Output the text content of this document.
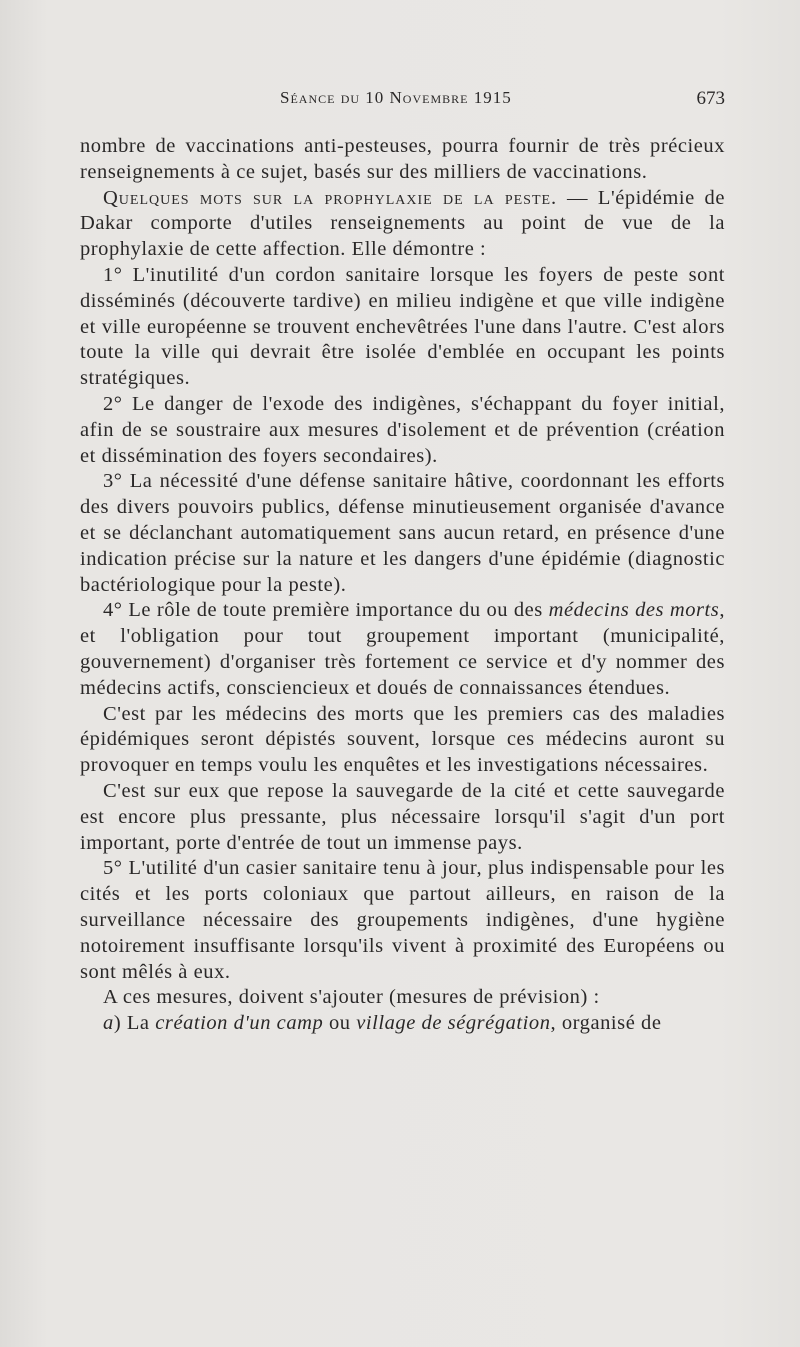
Séance du 10 Novembre 1915	673

nombre de vaccinations anti-pesteuses, pourra fournir de très précieux renseignements à ce sujet, basés sur des milliers de vaccinations.

Quelques mots sur la prophylaxie de la peste. — L'épidémie de Dakar comporte d'utiles renseignements au point de vue de la prophylaxie de cette affection. Elle démontre :

1° L'inutilité d'un cordon sanitaire lorsque les foyers de peste sont disséminés (découverte tardive) en milieu indigène et que ville indigène et ville européenne se trouvent enchevêtrées l'une dans l'autre. C'est alors toute la ville qui devrait être isolée d'emblée en occupant les points stratégiques.

2° Le danger de l'exode des indigènes, s'échappant du foyer initial, afin de se soustraire aux mesures d'isolement et de prévention (création et dissémination des foyers secondaires).

3° La nécessité d'une défense sanitaire hâtive, coordonnant les efforts des divers pouvoirs publics, défense minutieusement organisée d'avance et se déclanchant automatiquement sans aucun retard, en présence d'une indication précise sur la nature et les dangers d'une épidémie (diagnostic bactériologique pour la peste).

4° Le rôle de toute première importance du ou des médecins des morts, et l'obligation pour tout groupement important (municipalité, gouvernement) d'organiser très fortement ce service et d'y nommer des médecins actifs, consciencieux et doués de connaissances étendues.

C'est par les médecins des morts que les premiers cas des maladies épidémiques seront dépistés souvent, lorsque ces médecins auront su provoquer en temps voulu les enquêtes et les investigations nécessaires.

C'est sur eux que repose la sauvegarde de la cité et cette sauvegarde est encore plus pressante, plus nécessaire lorsqu'il s'agit d'un port important, porte d'entrée de tout un immense pays.

5° L'utilité d'un casier sanitaire tenu à jour, plus indispensable pour les cités et les ports coloniaux que partout ailleurs, en raison de la surveillance nécessaire des groupements indigènes, d'une hygiène notoirement insuffisante lorsqu'ils vivent à proximité des Européens ou sont mêlés à eux.

A ces mesures, doivent s'ajouter (mesures de prévision) :

a) La création d'un camp ou village de ségrégation, organisé de
